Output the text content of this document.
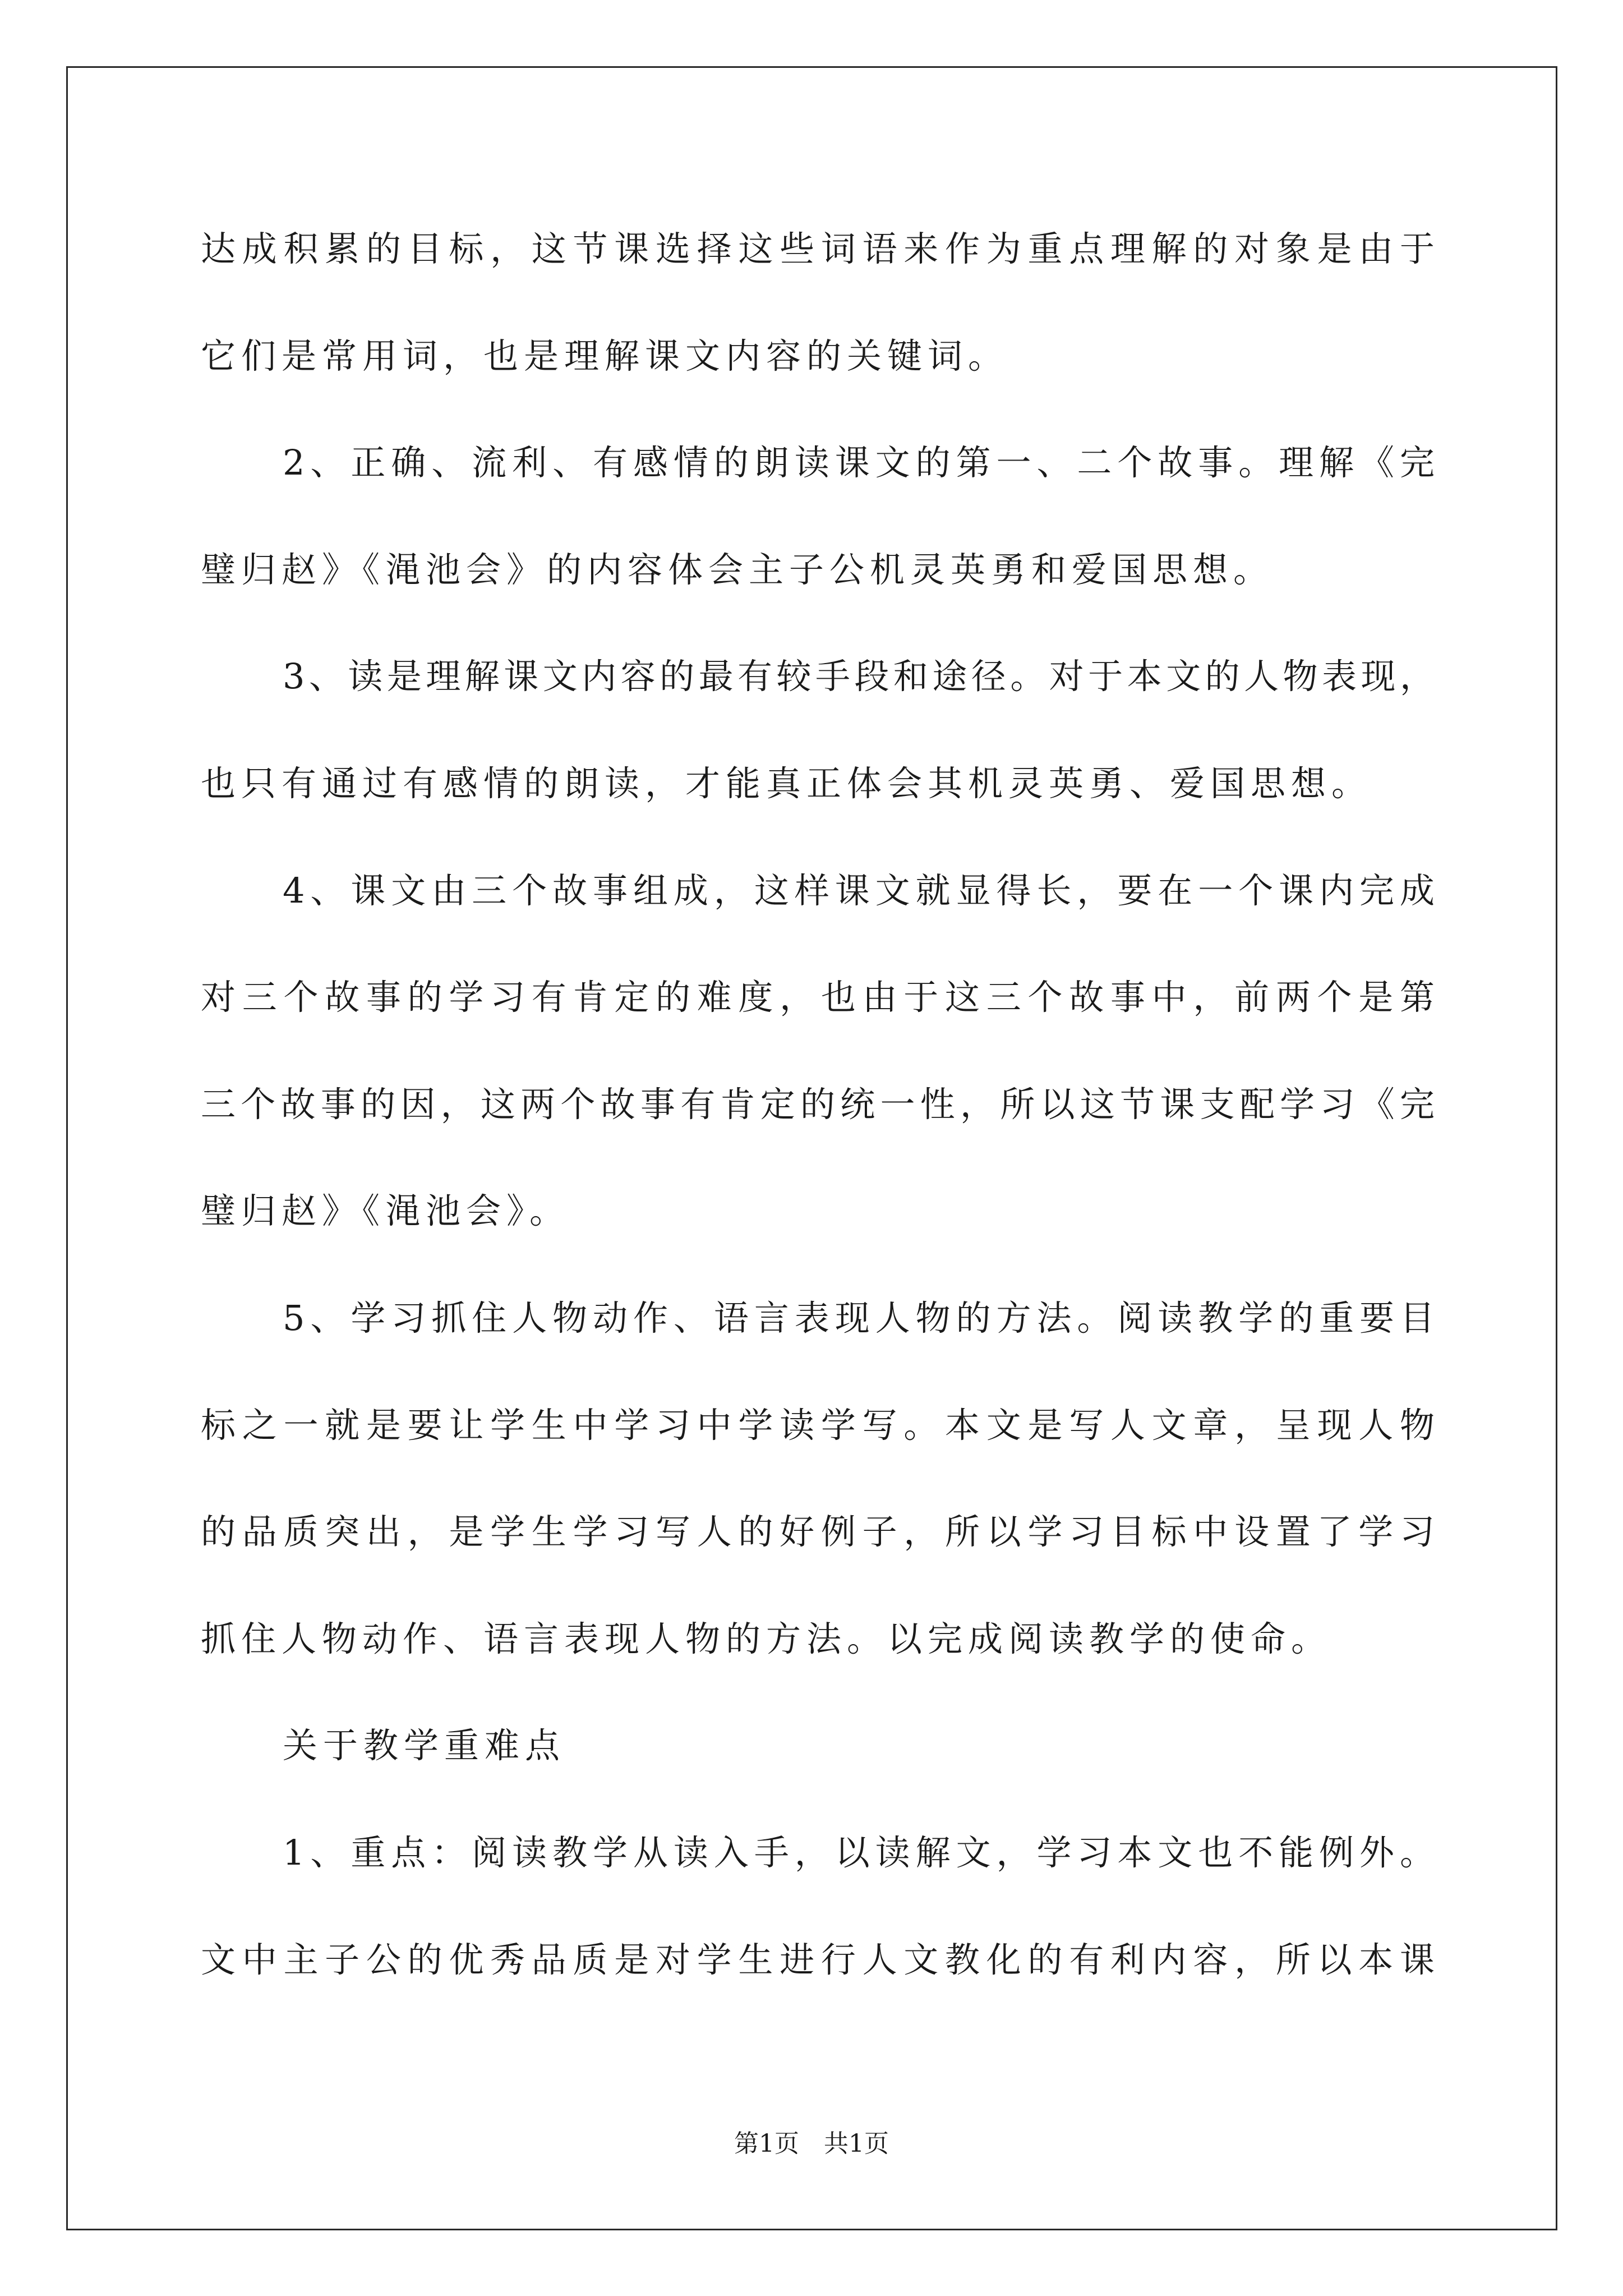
达成积累的目标，这节课选择这些词语来作为重点理解的对象是由于
它们是常用词，也是理解课文内容的关键词。
2、正确、流利、有感情的朗读课文的第一、二个故事。理解《完
璧归赵》《渑池会》的内容体会主子公机灵英勇和爱国思想。
3、读是理解课文内容的最有较手段和途径。对于本文的人物表现，
也只有通过有感情的朗读，才能真正体会其机灵英勇、爱国思想。
4、课文由三个故事组成，这样课文就显得长，要在一个课内完成
对三个故事的学习有肯定的难度，也由于这三个故事中，前两个是第
三个故事的因，这两个故事有肯定的统一性，所以这节课支配学习《完
璧归赵》《渑池会》。
5、学习抓住人物动作、语言表现人物的方法。阅读教学的重要目
标之一就是要让学生中学习中学读学写。本文是写人文章，呈现人物
的品质突出，是学生学习写人的好例子，所以学习目标中设置了学习
抓住人物动作、语言表现人物的方法。以完成阅读教学的使命。
关于教学重难点
1、重点：阅读教学从读入手，以读解文，学习本文也不能例外。
文中主子公的优秀品质是对学生进行人文教化的有利内容，所以本课
第1页　共1页
